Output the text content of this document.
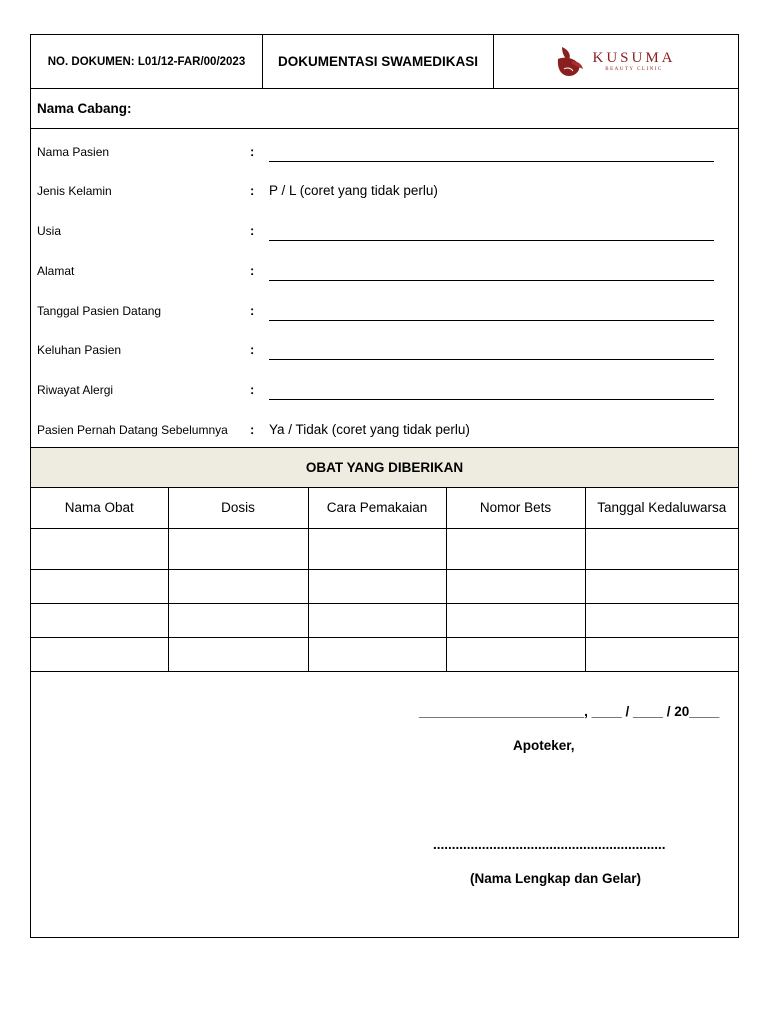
NO. DOKUMEN: L01/12-FAR/00/2023	DOKUMENTASI SWAMEDIKASI	KUSUMA
BEAUTY CLINIC
Nama Cabang:
Nama Pasien	:
Jenis Kelamin	: P / L (coret yang tidak perlu)
Usia	:
Alamat	:
Tanggal Pasien Datang	:
Keluhan Pasien	:
Riwayat Alergi	:
Pasien Pernah Datang Sebelumnya : Ya / Tidak (coret yang tidak perlu)
OBAT YANG DIBERIKAN
Nama Obat	Dosis	Cara Pemakaian	Nomor Bets	Tanggal Kedaluwarsa

______________________, ____ / ____ / 20____
Apoteker,
..............................................................
(Nama Lengkap dan Gelar)
